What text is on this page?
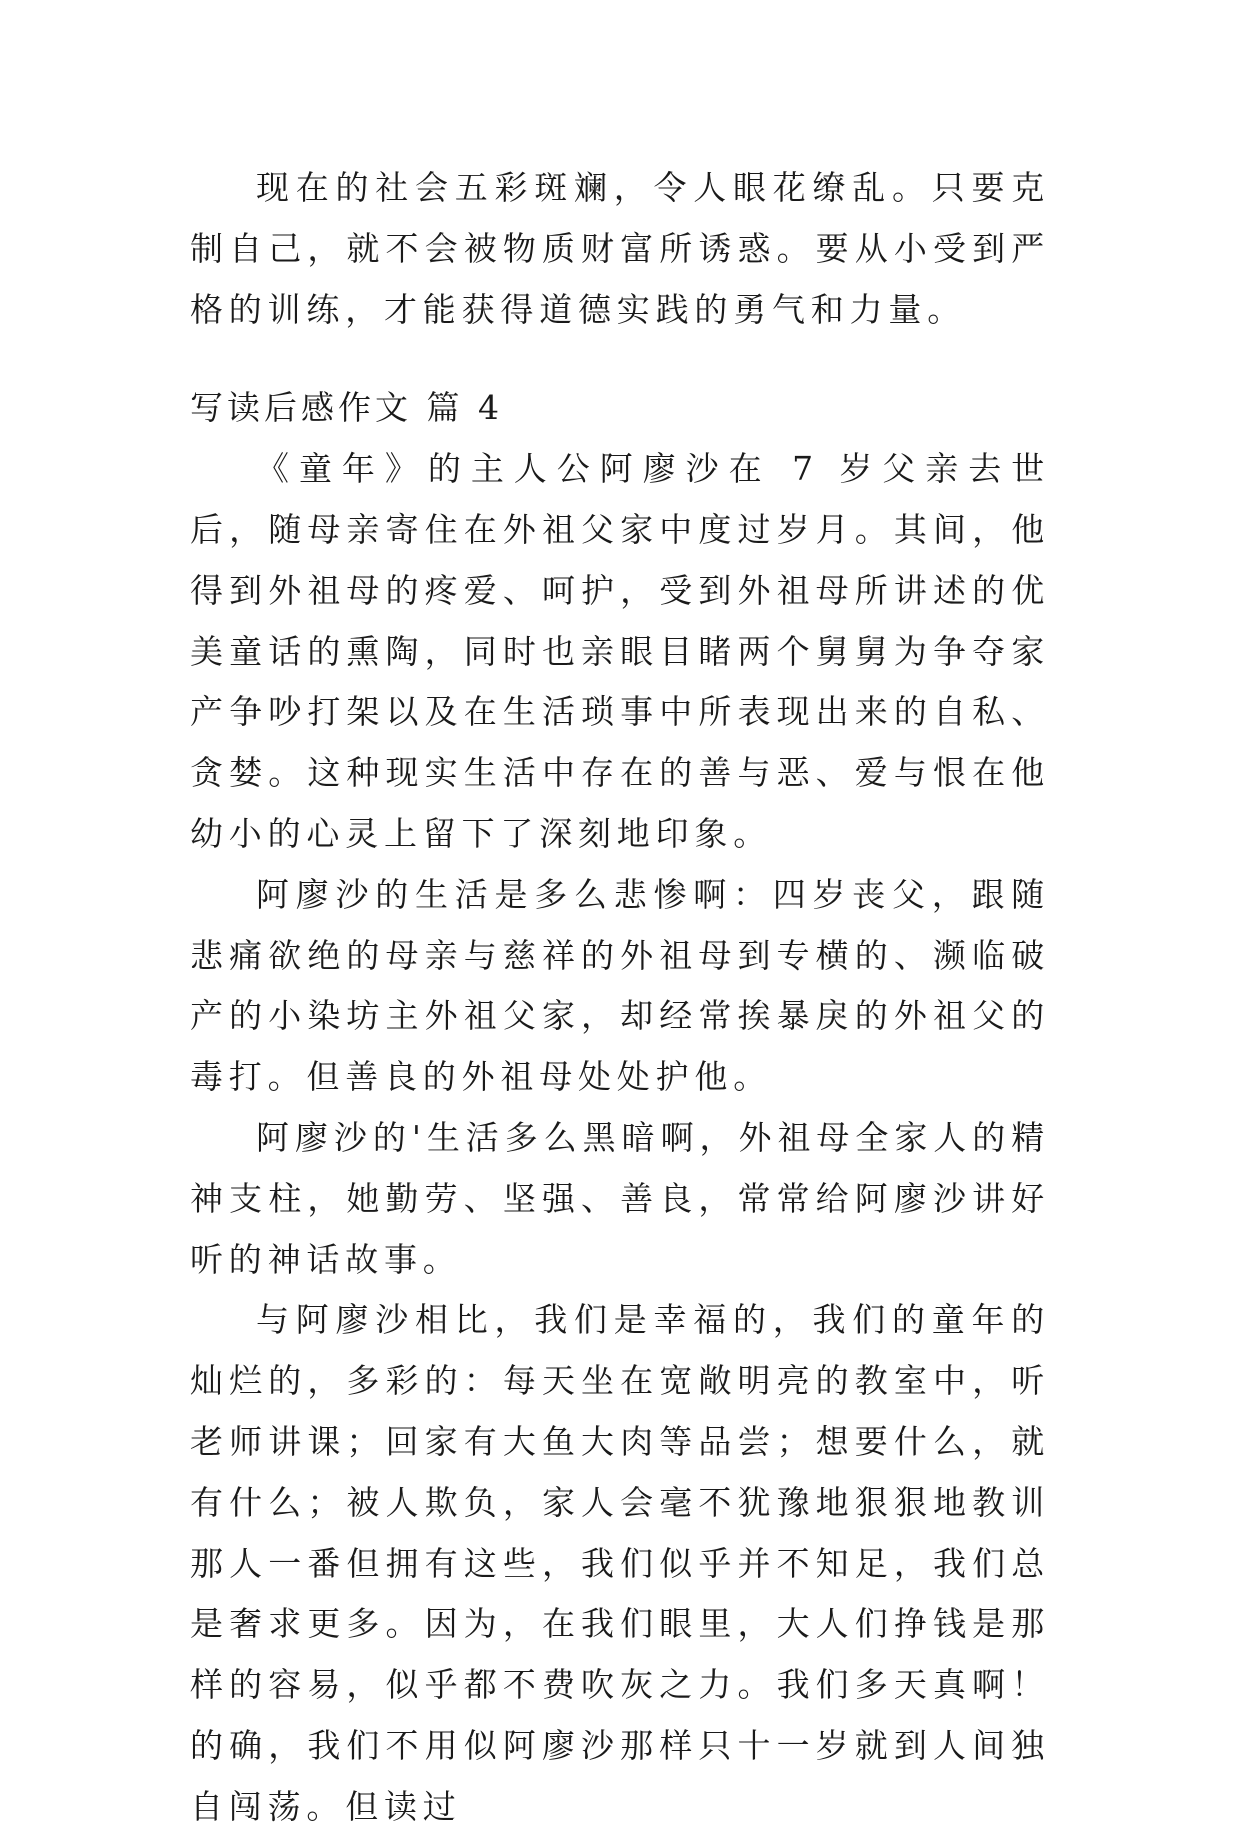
现在的社会五彩斑斓，令人眼花缭乱。只要克制自己，就不会被物质财富所诱惑。要从小受到严格的训练，才能获得道德实践的勇气和力量。

写读后感作文 篇 4

《童年》的主人公阿廖沙在 7 岁父亲去世后，随母亲寄住在外祖父家中度过岁月。其间，他得到外祖母的疼爱、呵护，受到外祖母所讲述的优美童话的熏陶，同时也亲眼目睹两个舅舅为争夺家产争吵打架以及在生活琐事中所表现出来的自私、贪婪。这种现实生活中存在的善与恶、爱与恨在他幼小的心灵上留下了深刻地印象。

阿廖沙的生活是多么悲惨啊：四岁丧父，跟随悲痛欲绝的母亲与慈祥的外祖母到专横的、濒临破产的小染坊主外祖父家，却经常挨暴戾的外祖父的毒打。但善良的外祖母处处护他。

阿廖沙的'生活多么黑暗啊，外祖母全家人的精神支柱，她勤劳、坚强、善良，常常给阿廖沙讲好听的神话故事。

与阿廖沙相比，我们是幸福的，我们的童年的灿烂的，多彩的：每天坐在宽敞明亮的教室中，听老师讲课；回家有大鱼大肉等品尝；想要什么，就有什么；被人欺负，家人会毫不犹豫地狠狠地教训那人一番但拥有这些，我们似乎并不知足，我们总是奢求更多。因为，在我们眼里，大人们挣钱是那样的容易，似乎都不费吹灰之力。我们多天真啊！的确，我们不用似阿廖沙那样只十一岁就到人间独自闯荡。但读过
